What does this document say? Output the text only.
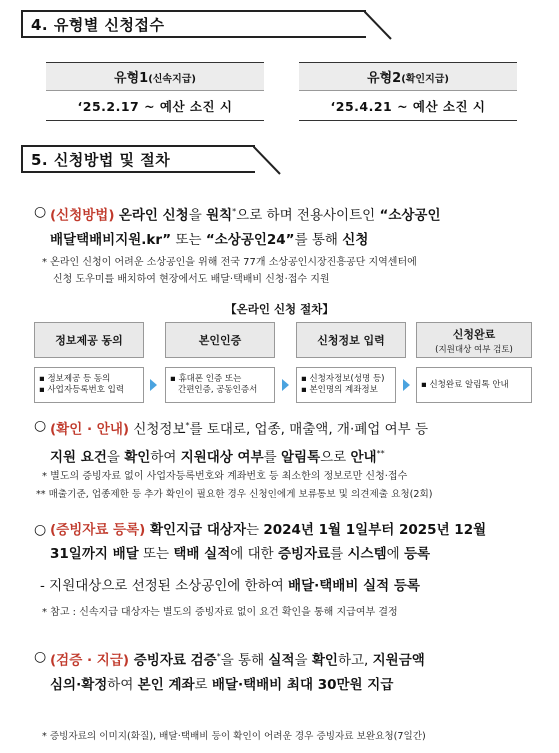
4. 유형별 신청접수
유형1(신속지급)
‘25.2.17 ~ 예산 소진 시
유형2(확인지급)
‘25.4.21 ~ 예산 소진 시
5. 신청방법 및 절차
○ (신청방법) 온라인 신청을 원칙*으로 하며 전용사이트인 “소상공인
배달택배비지원.kr” 또는 “소상공인24”를 통해 신청
* 온라인 신청이 어려운 소상공인을 위해 전국 77개 소상공인시장진흥공단 지역센터에
신청 도우미를 배치하여 현장에서도 배달·택배비 신청·접수 지원
【온라인 신청 절차】
정보제공 동의	본인인증	신청정보 입력	신청완료
(지원대상 여부 검토)
▪ 정보제공 등 동의
▪ 사업자등록번호 입력
▪ 휴대폰 인증 또는
간편인증, 공동인증서
▪ 신청자정보(성명 등)
▪ 본인명의 계좌정보
▪ 신청완료 알림톡 안내
○ (확인 · 안내) 신청정보*를 토대로, 업종, 매출액, 개·폐업 여부 등
지원 요건을 확인하여 지원대상 여부를 알림톡으로 안내**
* 별도의 증빙자료 없이 사업자등록번호와 계좌번호 등 최소한의 정보로만 신청·접수
** 매출기준, 업종제한 등 추가 확인이 필요한 경우 신청인에게 보류통보 및 의견제출 요청(2회)
○ (증빙자료 등록) 확인지급 대상자는 2024년 1월 1일부터 2025년 12월
31일까지 배달 또는 택배 실적에 대한 증빙자료를 시스템에 등록
- 지원대상으로 선정된 소상공인에 한하여 배달·택배비 실적 등록
* 참고 : 신속지급 대상자는 별도의 증빙자료 없이 요건 확인을 통해 지급여부 결정
○ (검증 · 지급) 증빙자료 검증*을 통해 실적을 확인하고, 지원금액
심의·확정하여 본인 계좌로 배달·택배비 최대 30만원 지급
* 증빙자료의 이미지(화질), 배달·택배비 등이 확인이 어려운 경우 증빙자료 보완요청(7일간)
